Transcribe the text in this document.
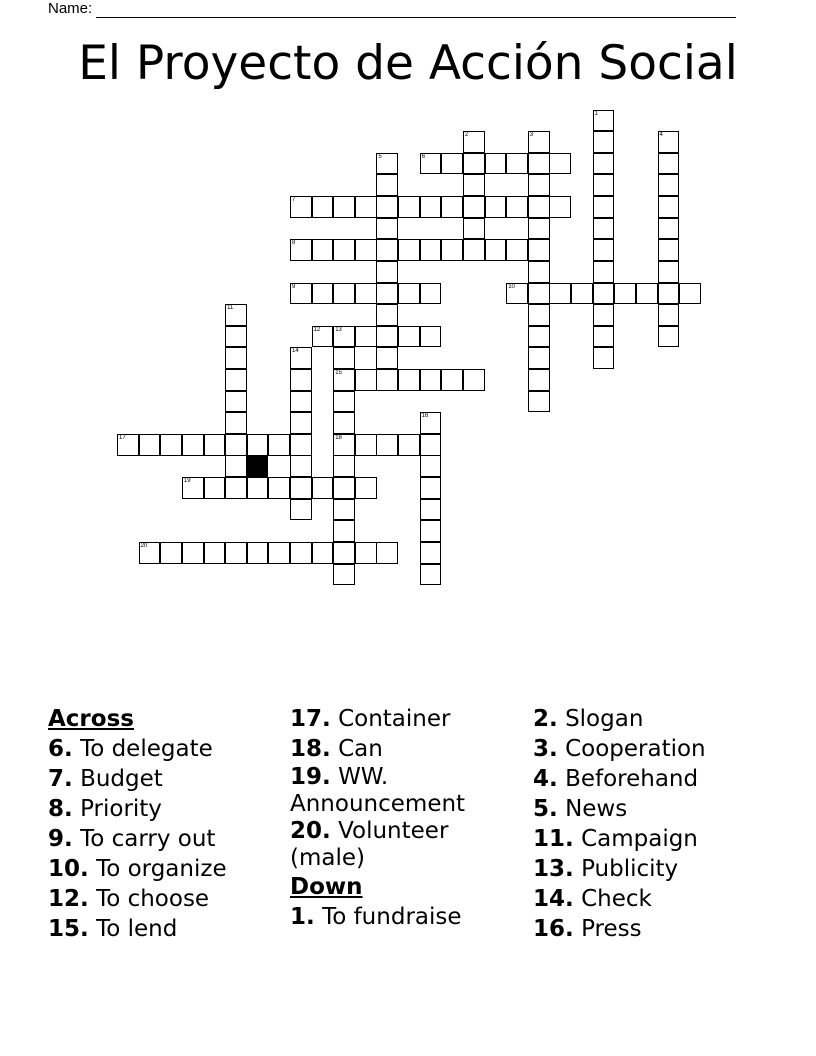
Name:
El Proyecto de Acción Social
1
2	3	4
5	6
7
8
9	10
11
12 13
15
18
14
16
17
19
20
Across
6. To delegate
7. Budget
8. Priority
9. To carry out
10. To organize
12. To choose
15. To lend
17. Container
18. Can
19. WW. Announcement
20. Volunteer (male)
Down
1. To fundraise
2. Slogan
3. Cooperation
4. Beforehand
5. News
11. Campaign
13. Publicity
14. Check
16. Press
